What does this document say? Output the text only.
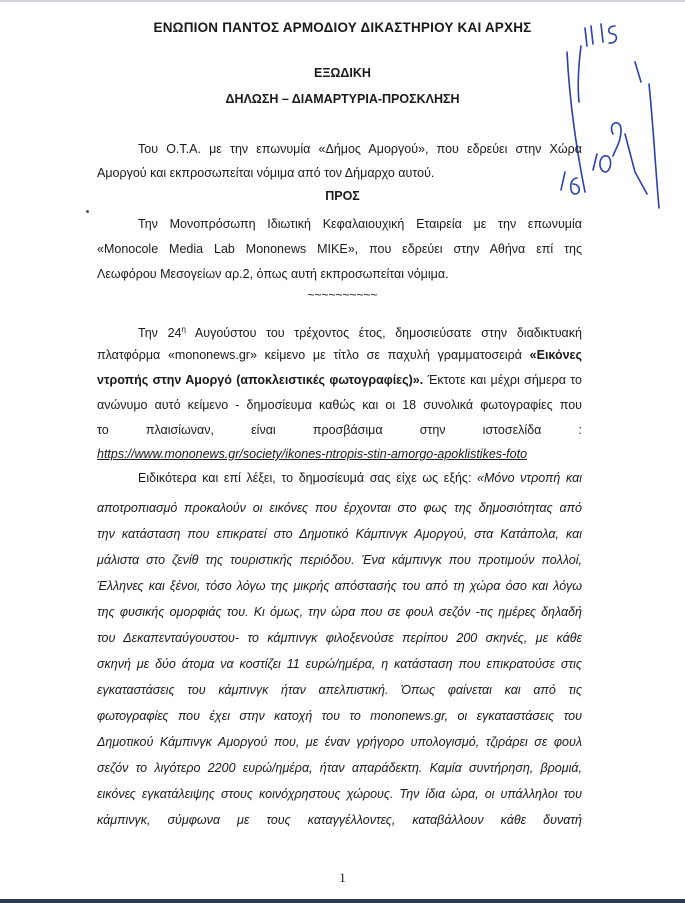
ΕΝΩΠΙΟΝ ΠΑΝΤΟΣ ΑΡΜΟΔΙΟΥ ΔΙΚΑΣΤΗΡΙΟΥ ΚΑΙ ΑΡΧΗΣ
ΕΞΩΔΙΚΗ
ΔΗΛΩΣΗ – ΔΙΑΜΑΡΤΥΡΙΑ-ΠΡΟΣΚΛΗΣΗ
Του Ο.Τ.Α. με την επωνυμία «Δήμος Αμοργού», που εδρεύει στην Χώρα
Αμοργού και εκπροσωπείται νόμιμα από τον Δήμαρχο αυτού.
ΠΡΟΣ
Την Μονοπρόσωπη Ιδιωτική Κεφαλαιουχική Εταιρεία με την επωνυμία
«Monocole Media Lab Mononews ΜΙΚΕ», που εδρεύει στην Αθήνα επί της
Λεωφόρου Μεσογείων αρ.2, όπως αυτή εκπροσωπείται νόμιμα.
~~~~~~~~~~
Την $24^\eta$ Αυγούστου του τρέχοντος έτος, δημοσιεύσατε στην διαδικτυακή
πλατφόρμα «mononews.gr» κείμενο με τίτλο σε παχυλή γραμματοσειρά «Εικόνες
ντροπής στην Αμοργό (αποκλειστικές φωτογραφίες)». Έκτοτε και μέχρι σήμερα το
ανώνυμο αυτό κείμενο - δημοσίευμα καθώς και οι 18 συνολικά φωτογραφίες που
το πλαισίωναν, είναι προσβάσιμα στην ιστοσελίδα :
https://www.mononews.gr/society/ikones-ntropis-stin-amorgo-apoklistikes-foto
Ειδικότερα και επί λέξει, το δημοσίευμά σας είχε ως εξής: «Μόνο ντροπή και
αποτροπιασμό προκαλούν οι εικόνες που έρχονται στο φως της δημοσιότητας από
την κατάσταση που επικρατεί στο Δημοτικό Κάμπινγκ Αμοργού, στα Κατάπολα, και
μάλιστα στο ζενίθ της τουριστικής περιόδου. Ένα κάμπινγκ που προτιμούν πολλοί,
Έλληνες και ξένοι, τόσο λόγω της μικρής απόστασής του από τη χώρα όσο και λόγω
της φυσικής ομορφιάς του. Κι όμως, την ώρα που σε φουλ σεζόν -τις ημέρες δηλαδή
του Δεκαπενταύγουστου- το κάμπινγκ φιλοξενούσε περίπου 200 σκηνές, με κάθε
σκηνή με δύο άτομα να κοστίζει 11 ευρώ/ημέρα, η κατάσταση που επικρατούσε στις
εγκαταστάσεις του κάμπινγκ ήταν απελπιστική. Όπως φαίνεται και από τις
φωτογραφίες που έχει στην κατοχή του το mononews.gr, οι εγκαταστάσεις του
Δημοτικού Κάμπινγκ Αμοργού που, με έναν γρήγορο υπολογισμό, τζιράρει σε φουλ
σεζόν το λιγότερο 2200 ευρώ/ημέρα, ήταν απαράδεκτη. Καμία συντήρηση, βρομιά,
εικόνες εγκατάλειψης στους κοινόχρηστους χώρους. Την ίδια ώρα, οι υπάλληλοι του
κάμπινγκ, σύμφωνα με τους καταγγέλλοντες, καταβάλλουν κάθε δυνατή
1
